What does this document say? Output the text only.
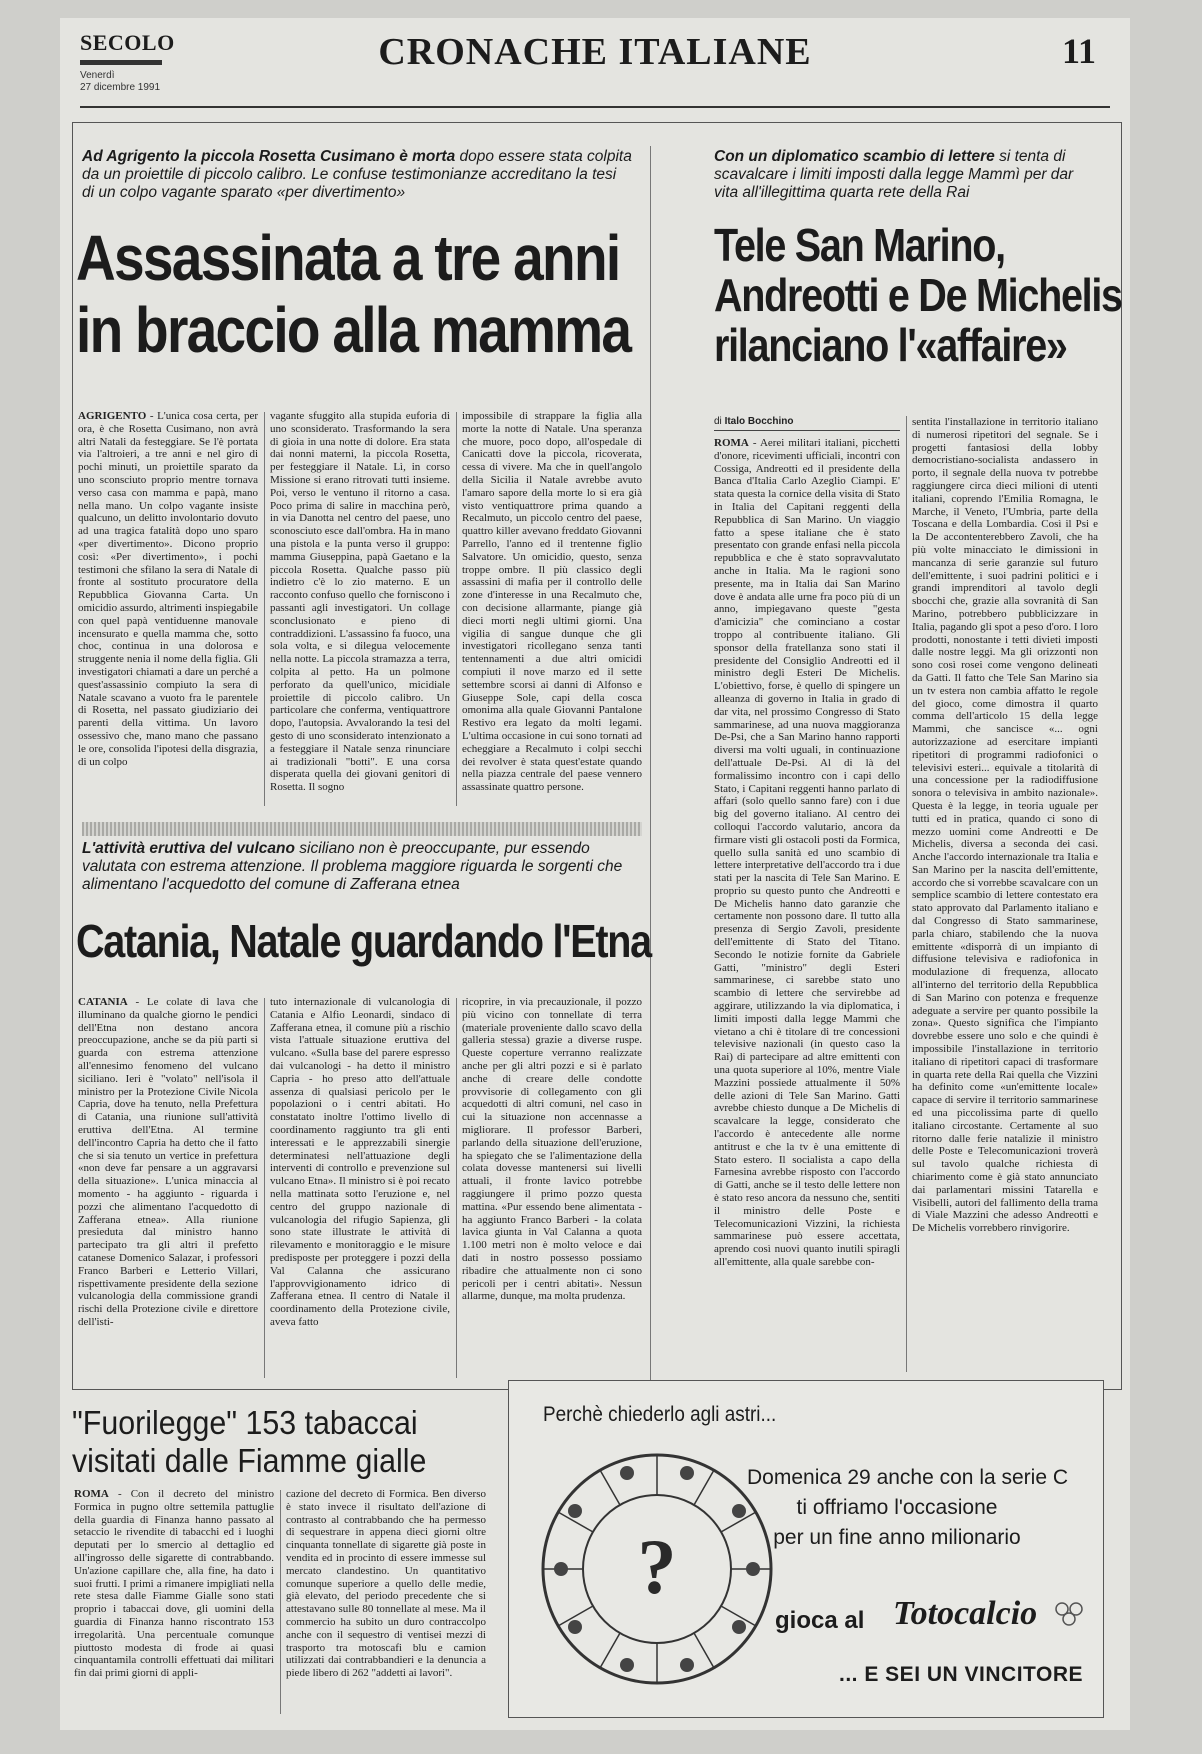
SECOLO
Venerdì
27 dicembre 1991
CRONACHE ITALIANE	11

Ad Agrigento la piccola Rosetta Cusimano è morta dopo essere stata colpita da un proiettile di piccolo calibro. Le confuse testimonianze accreditano la tesi di un colpo vagante sparato «per divertimento»

Assassinata a tre anni
in braccio alla mamma

AGRIGENTO - L'unica cosa certa, per ora, è che Rosetta Cusimano, non avrà altri Natali da festeggiare. Se l'è portata via l'altroieri, a tre anni e nel giro di pochi minuti, un proiettile sparato da uno sconsciuto proprio mentre tornava verso casa con mamma e papà, mano nella mano. Un colpo vagante insiste qualcuno, un delitto involontario dovuto ad una tragica fatalità dopo uno sparo «per divertimento». Dicono proprio così: «Per divertimento», i pochi testimoni che sfilano la sera di Natale di fronte al sostituto procuratore della Repubblica Giovanna Carta. Un omicidio assurdo, altrimenti inspiegabile con quel papà ventiduenne manovale incensurato e quella mamma che, sotto choc, continua in una dolorosa e struggente nenia il nome della figlia. Gli investigatori chiamati a dare un perché a quest'assassinio compiuto la sera di Natale scavano a vuoto fra le parentele di Rosetta, nel passato giudiziario dei parenti della vittima. Un lavoro ossessivo che, mano mano che passano le ore, consolida l'ipotesi della disgrazia, di un colpo

vagante sfuggito alla stupida euforia di uno sconsiderato. Trasformando la sera di gioia in una notte di dolore. Era stata dai nonni materni, la piccola Rosetta, per festeggiare il Natale. Lì, in corso Missione si erano ritrovati tutti insieme. Poi, verso le ventuno il ritorno a casa. Poco prima di salire in macchina però, in via Danotta nel centro del paese, uno sconosciuto esce dall'ombra. Ha in mano una pistola e la punta verso il gruppo: mamma Giuseppina, papà Gaetano e la piccola Rosetta. Qualche passo più indietro c'è lo zio materno. E un racconto confuso quello che forniscono i passanti agli investigatori. Un collage sconclusionato e pieno di contraddizioni. L'assassino fa fuoco, una sola volta, e si dilegua velocemente nella notte. La piccola stramazza a terra, colpita al petto. Ha un polmone perforato da quell'unico, micidiale proiettile di piccolo calibro. Un particolare che conferma, ventiquattrore dopo, l'autopsia. Avvalorando la tesi del gesto di uno sconsiderato intenzionato a a festeggiare il Natale senza rinunciare ai tradizionali "botti". E una corsa disperata quella dei giovani genitori di Rosetta. Il sogno

impossibile di strappare la figlia alla morte la notte di Natale. Una speranza che muore, poco dopo, all'ospedale di Canicattì dove la piccola, ricoverata, cessa di vivere. Ma che in quell'angolo della Sicilia il Natale avrebbe avuto l'amaro sapore della morte lo si era già visto ventiquattrore prima quando a Recalmuto, un piccolo centro del paese, quattro killer avevano freddato Giovanni Parrello, l'anno ed il trentenne figlio Salvatore. Un omicidio, questo, senza troppe ombre. Il più classico degli assassini di mafia per il controllo delle zone d'interesse in una Recalmuto che, con decisione allarmante, piange già dieci morti negli ultimi giorni. Una vigilia di sangue dunque che gli investigatori ricollegano senza tanti tentennamenti a due altri omicidi compiuti il nove marzo ed il sette settembre scorsi ai danni di Alfonso e Giuseppe Sole, capi della cosca omonima alla quale Giovanni Pantalone Restivo era legato da molti legami. L'ultima occasione in cui sono tornati ad echeggiare a Recalmuto i colpi secchi dei revolver è stata quest'estate quando nella piazza centrale del paese vennero assassinate quattro persone.

Con un diplomatico scambio di lettere si tenta di scavalcare i limiti imposti dalla legge Mammì per dar vita all'illegittima quarta rete della Rai

Tele San Marino,
Andreotti e De Michelis
rilanciano l'«affaire»
di Italo Bocchino

ROMA - Aerei militari italiani, picchetti d'onore, ricevimenti ufficiali, incontri con Cossiga, Andreotti ed il presidente della Banca d'Italia Carlo Azeglio Ciampi. E' stata questa la cornice della visita di Stato in Italia del Capitani reggenti della Repubblica di San Marino. Un viaggio fatto a spese italiane che è stato presentato con grande enfasi nella piccola repubblica e che è stato sopravvalutato anche in Italia. Ma le ragioni sono presente, ma in Italia dai San Marino dove è andata alle urne fra poco più di un anno, impiegavano queste "gesta d'amicizia" che cominciano a costar troppo al contribuente italiano. Gli sponsor della fratellanza sono stati il presidente del Consiglio Andreotti ed il ministro degli Esteri De Michelis. L'obiettivo, forse, è quello di spingere un alleanza di governo in Italia in grado di dar vita, nel prossimo Congresso di Stato sammarinese, ad una nuova maggioranza De-Psi, che a San Marino hanno rapporti diversi ma volti uguali, in continuazione dell'attuale De-Psi. Al di là del formalissimo incontro con i capi dello Stato, i Capitani reggenti hanno parlato di affari (solo quello sanno fare) con i due big del governo italiano. Al centro dei colloqui l'accordo valutario, ancora da firmare visti gli ostacoli posti da Formica, quello sulla sanità ed uno scambio di lettere interpretative dell'accordo tra i due stati per la nascita di Tele San Marino. E proprio su questo punto che Andreotti e De Michelis hanno dato garanzie che certamente non possono dare. Il tutto alla presenza di Sergio Zavoli, presidente dell'emittente di Stato del Titano. Secondo le notizie fornite da Gabriele Gatti, "ministro" degli Esteri sammarinese, ci sarebbe stato uno scambio di lettere che servirebbe ad aggirare, utilizzando la via diplomatica, i limiti imposti dalla legge Mammì che vietano a chi è titolare di tre concessioni televisive nazionali (in questo caso la Rai) di partecipare ad altre emittenti con una quota superiore al 10%, mentre Viale Mazzini possiede attualmente il 50% delle azioni di Tele San Marino. Gatti avrebbe chiesto dunque a De Michelis di scavalcare la legge, considerato che l'accordo è antecedente alle norme antitrust e che la tv è una emittente di Stato estero. Il socialista a capo della Farnesina avrebbe risposto con l'accordo di Gatti, anche se il testo delle lettere non è stato reso ancora da nessuno che, sentiti il ministro delle Poste e Telecomunicazioni Vizzini, la richiesta sammarinese può essere accettata, aprendo così nuovi quanto inutili spiragli all'emittente, alla quale sarebbe con-

sentita l'installazione in territorio italiano di numerosi ripetitori del segnale. Se i progetti fantasiosi della lobby democristiano-socialista andassero in porto, il segnale della nuova tv potrebbe raggiungere circa dieci milioni di utenti italiani, coprendo l'Emilia Romagna, le Marche, il Veneto, l'Umbria, parte della Toscana e della Lombardia. Così il Psi e la De accontenterebbero Zavoli, che ha più volte minacciato le dimissioni in mancanza di serie garanzie sul futuro dell'emittente, i suoi padrini politici e i grandi imprenditori al tavolo degli sbocchi che, grazie alla sovranità di San Marino, potrebbero pubblicizzare in Italia, pagando gli spot a peso d'oro. I loro prodotti, nonostante i tetti divieti imposti dalle nostre leggi. Ma gli orizzonti non sono così rosei come vengono delineati da Gatti. Il fatto che Tele San Marino sia un tv estera non cambia affatto le regole del gioco, come dimostra il quarto comma dell'articolo 15 della legge Mammì, che sancisce «... ogni autorizzazione ad esercitare impianti ripetitori di programmi radiofonici o televisivi esteri... equivale a titolarità di una concessione per la radiodiffusione sonora o televisiva in ambito nazionale». Questa è la legge, in teoria uguale per tutti ed in pratica, quando ci sono di mezzo uomini come Andreotti e De Michelis, diversa a seconda dei casi. Anche l'accordo internazionale tra Italia e San Marino per la nascita dell'emittente, accordo che si vorrebbe scavalcare con un semplice scambio di lettere contestato era stato approvato dal Parlamento italiano e dal Congresso di Stato sammarinese, parla chiaro, stabilendo che la nuova emittente «disporrà di un impianto di diffusione televisiva e radiofonica in modulazione di frequenza, allocato all'interno del territorio della Repubblica di San Marino con potenza e frequenze adeguate a servire per quanto possibile la zona». Questo significa che l'impianto dovrebbe essere uno solo e che quindi è impossibile l'installazione in territorio italiano di ripetitori capaci di trasformare in quarta rete della Rai quella che Vizzini ha definito come «un'emittente locale» capace di servire il territorio sammarinese ed una piccolissima parte di quello italiano circostante. Certamente al suo ritorno dalle ferie natalizie il ministro delle Poste e Telecomunicazioni troverà sul tavolo qualche richiesta di chiarimento come è già stato annunciato dai parlamentari missini Tatarella e Visibelli, autori del fallimento della trama di Viale Mazzini che adesso Andreotti e De Michelis vorrebbero rinvigorire.

L'attività eruttiva del vulcano siciliano non è preoccupante, pur essendo valutata con estrema attenzione. Il problema maggiore riguarda le sorgenti che alimentano l'acquedotto del comune di Zafferana etnea

Catania, Natale guardando l'Etna

CATANIA - Le colate di lava che illuminano da qualche giorno le pendici dell'Etna non destano ancora preoccupazione, anche se da più parti si guarda con estrema attenzione all'ennesimo fenomeno del vulcano siciliano. Ieri è "volato" nell'isola il ministro per la Protezione Civile Nicola Capria, dove ha tenuto, nella Prefettura di Catania, una riunione sull'attività eruttiva dell'Etna. Al termine dell'incontro Capria ha detto che il fatto che si sia tenuto un vertice in prefettura «non deve far pensare a un aggravarsi della situazione». L'unica minaccia al momento - ha aggiunto - riguarda i pozzi che alimentano l'acquedotto di Zafferana etnea». Alla riunione presieduta dal ministro hanno partecipato tra gli altri il prefetto catanese Domenico Salazar, i professori Franco Barberi e Letterio Villari, rispettivamente presidente della sezione vulcanologia della commissione grandi rischi della Protezione civile e direttore dell'isti-

tuto internazionale di vulcanologia di Catania e Alfio Leonardi, sindaco di Zafferana etnea, il comune più a rischio vista l'attuale situazione eruttiva del vulcano. «Sulla base del parere espresso dai vulcanologi - ha detto il ministro Capria - ho preso atto dell'attuale assenza di qualsiasi pericolo per le popolazioni o i centri abitati. Ho constatato inoltre l'ottimo livello di coordinamento raggiunto tra gli enti interessati e le apprezzabili sinergie determinatesi nell'attuazione degli interventi di controllo e prevenzione sul vulcano Etna». Il ministro si è poi recato nella mattinata sotto l'eruzione e, nel centro del gruppo nazionale di vulcanologia del rifugio Sapienza, gli sono state illustrate le attività di rilevamento e monitoraggio e le misure predisposte per proteggere i pozzi della Val Calanna che assicurano l'approvvigionamento idrico di Zafferana etnea. Il centro di Natale il coordinamento della Protezione civile, aveva fatto

ricoprire, in via precauzionale, il pozzo più vicino con tonnellate di terra (materiale proveniente dallo scavo della galleria stessa) grazie a diverse ruspe. Queste coperture verranno realizzate anche per gli altri pozzi e si è parlato anche di creare delle condotte provvisorie di collegamento con gli acquedotti di altri comuni, nel caso in cui la situazione non accennasse a migliorare. Il professor Barberi, parlando della situazione dell'eruzione, ha spiegato che se l'alimentazione della colata dovesse mantenersi sui livelli attuali, il fronte lavico potrebbe raggiungere il primo pozzo questa mattina. «Pur essendo bene alimentata - ha aggiunto Franco Barberi - la colata lavica giunta in Val Calanna a quota 1.100 metri non è molto veloce e dai dati in nostro possesso possiamo ribadire che attualmente non ci sono pericoli per i centri abitati». Nessun allarme, dunque, ma molta prudenza.

"Fuorilegge" 153 tabaccai
visitati dalle Fiamme gialle

ROMA - Con il decreto del ministro Formica in pugno oltre settemila pattuglie della guardia di Finanza hanno passato al setaccio le rivendite di tabacchi ed i luoghi deputati per lo smercio al dettaglio ed all'ingrosso delle sigarette di contrabbando. Un'azione capillare che, alla fine, ha dato i suoi frutti. I primi a rimanere impigliati nella rete stesa dalle Fiamme Gialle sono stati proprio i tabaccai dove, gli uomini della guardia di Finanza hanno riscontrato 153 irregolarità. Una percentuale comunque piuttosto modesta di frode ai quasi cinquantamila controlli effettuati dai militari fin dai primi giorni di appli-

cazione del decreto di Formica. Ben diverso è stato invece il risultato dell'azione di contrasto al contrabbando che ha permesso di sequestrare in appena dieci giorni oltre cinquanta tonnellate di sigarette già poste in vendita ed in procinto di essere immesse sul mercato clandestino. Un quantitativo comunque superiore a quello delle medie, già elevato, del periodo precedente che si attestavano sulle 80 tonnellate al mese. Ma il commercio ha subito un duro contraccolpo anche con il sequestro di ventisei mezzi di trasporto tra motoscafi blu e camion utilizzati dai contrabbandieri e la denuncia a piede libero di 262 "addetti ai lavori".

Perchè chiederlo agli astri...
?
Domenica 29 anche con la serie C
ti offriamo l'occasione
per un fine anno milionario
gioca al Totocalcio
... E SEI UN VINCITORE
